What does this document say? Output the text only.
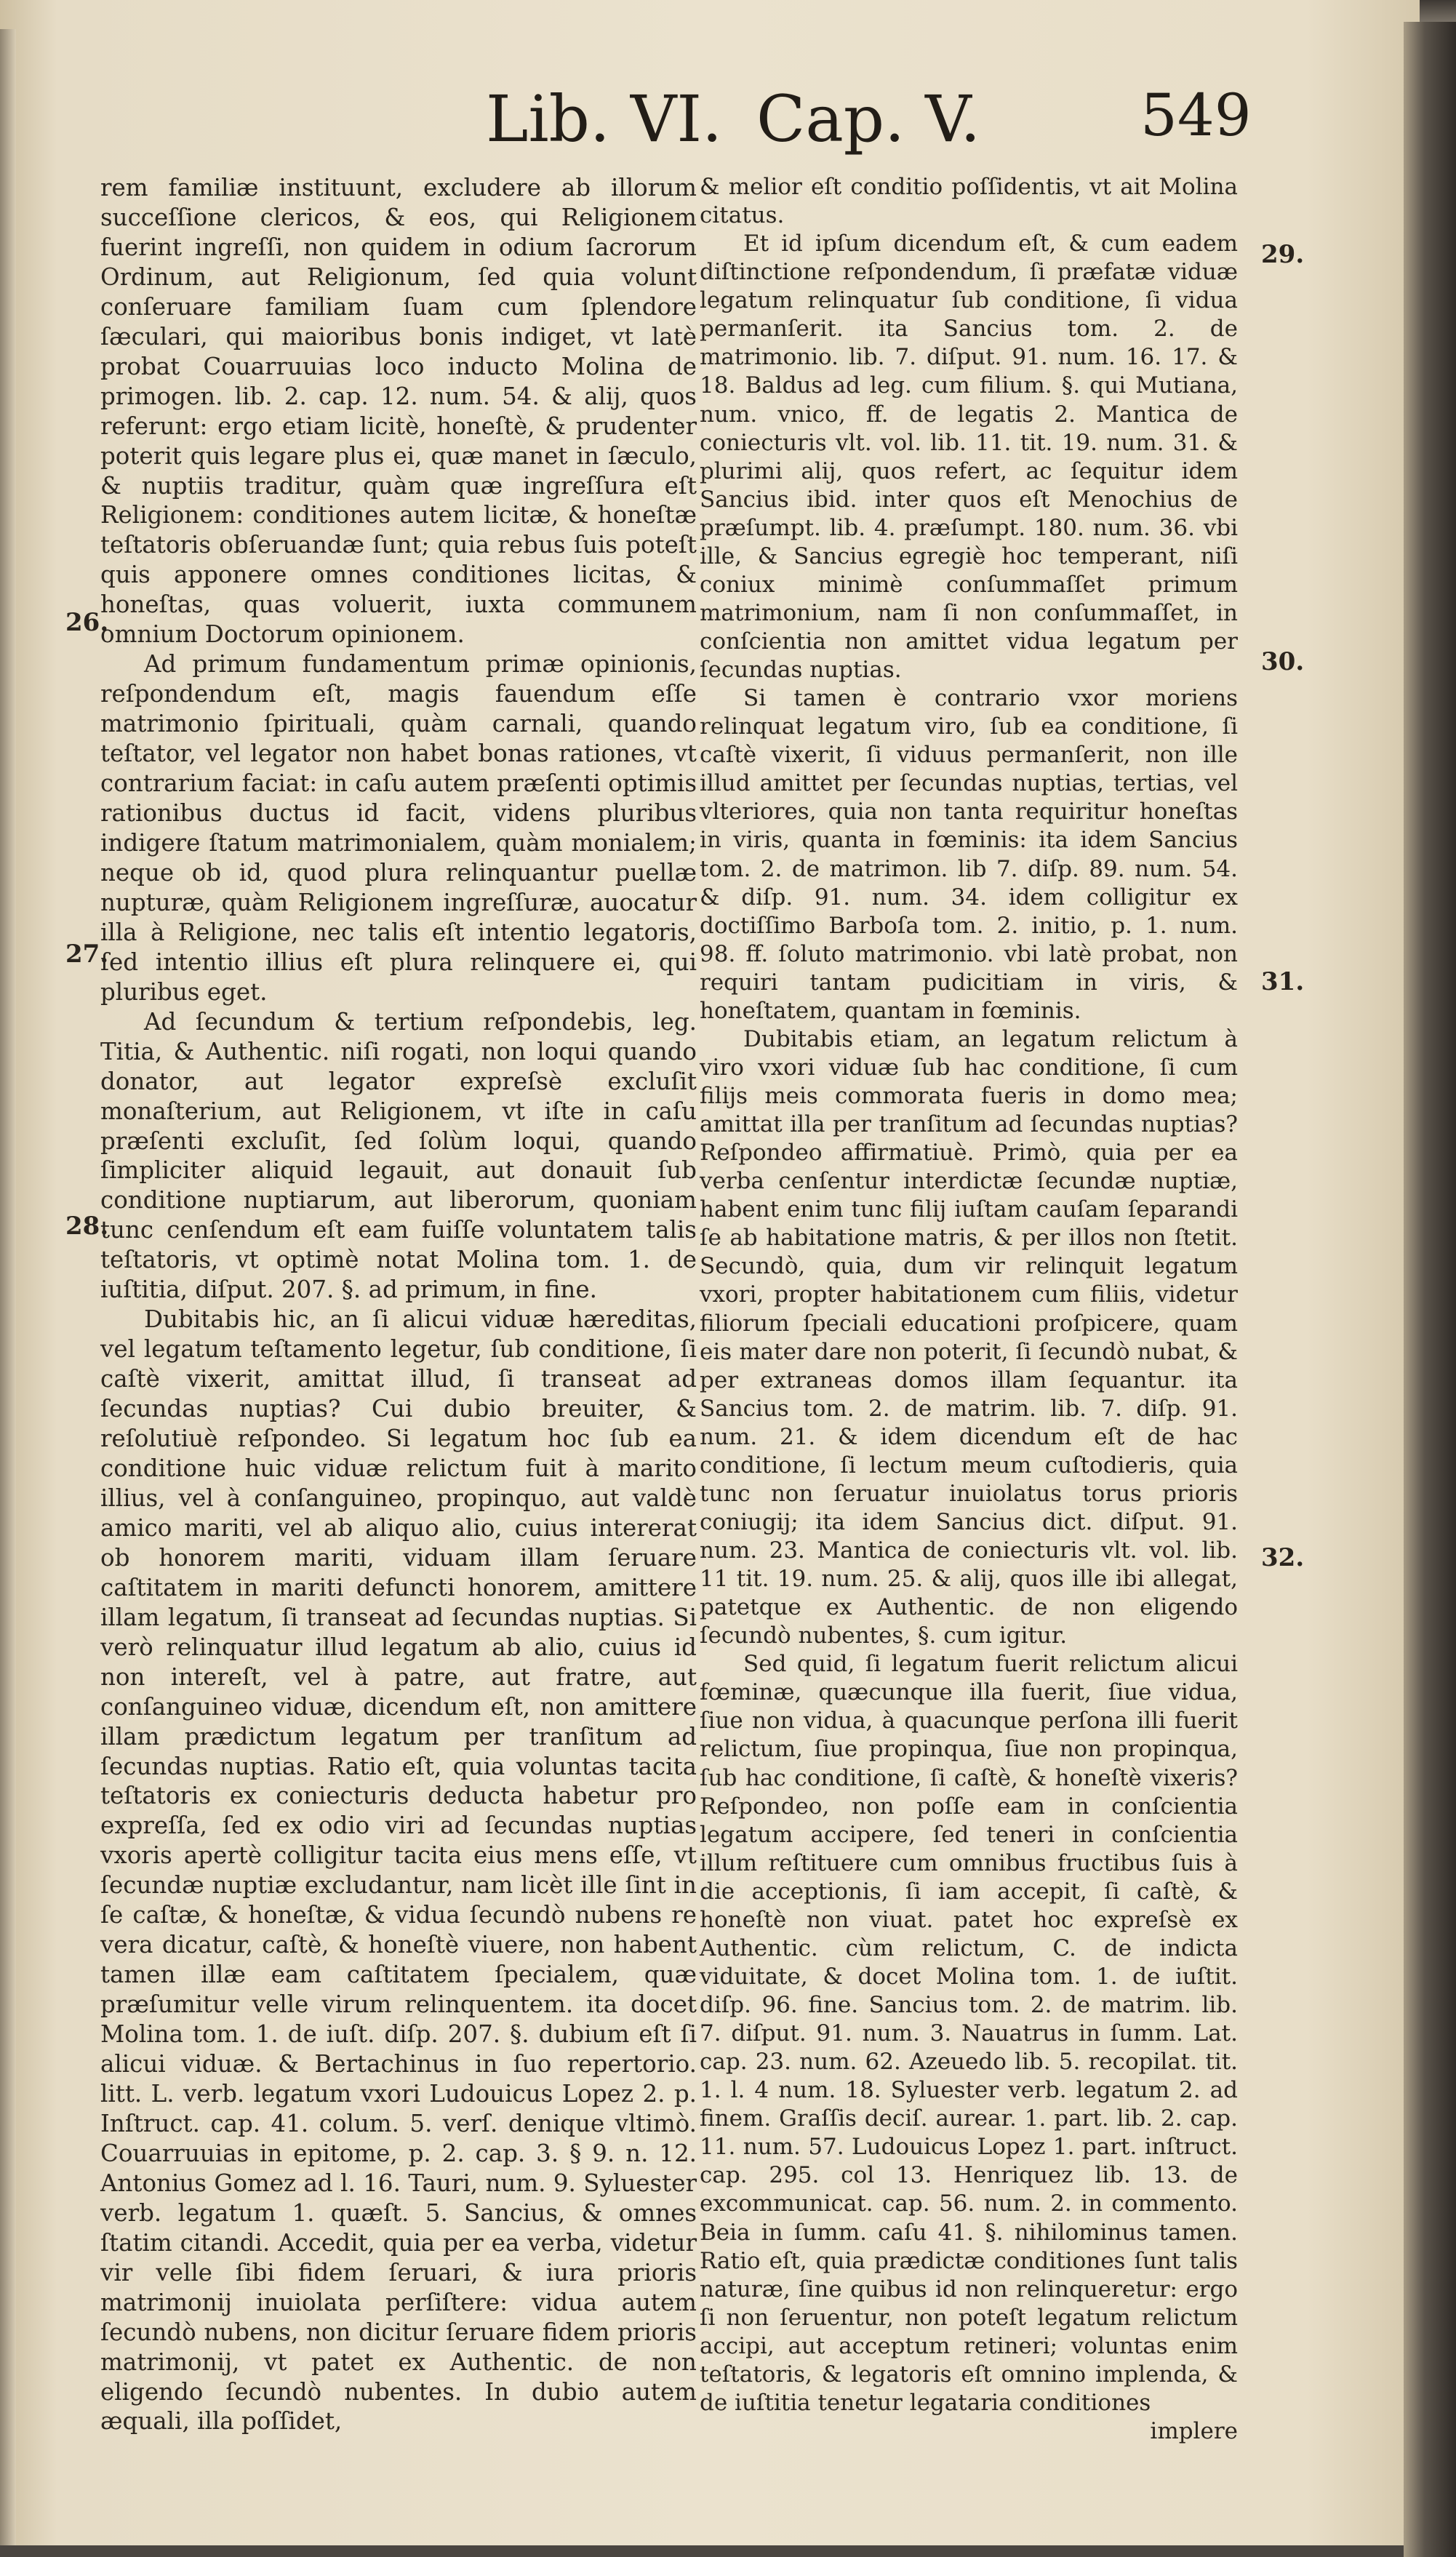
Lib. VI. Cap. V.	549
26.
27.
28.
29.
30.
31.
32.

rem familiæ instituunt, excludere ab illorum succeſſione clericos, & eos, qui Religionem fuerint ingreſſi, non quidem in odium ſacrorum Ordinum, aut Religionum, ſed quia volunt conſeruare familiam ſuam cum ſplendore ſæculari, qui maioribus bonis indiget, vt latè probat Couarruuias loco inducto Molina de primogen. lib. 2. cap. 12. num. 54. & alij, quos referunt: ergo etiam licitè, honeſtè, & prudenter poterit quis legare plus ei, quæ manet in ſæculo, & nuptiis traditur, quàm quæ ingreſſura eſt Religionem: conditiones autem licitæ, & honeſtæ teſtatoris obſeruandæ ſunt; quia rebus ſuis poteſt quis apponere omnes conditiones licitas, & honeſtas, quas voluerit, iuxta communem omnium Doctorum opinionem.

Ad primum fundamentum primæ opinionis, reſpondendum eſt, magis fauendum eſſe matrimonio ſpirituali, quàm carnali, quando teſtator, vel legator non habet bonas rationes, vt contrarium faciat: in caſu autem præſenti optimis rationibus ductus id facit, videns pluribus indigere ſtatum matrimonialem, quàm monialem; neque ob id, quod plura relinquantur puellæ nupturæ, quàm Religionem ingreſſuræ, auocatur illa à Religione, nec talis eſt intentio legatoris, ſed intentio illius eſt plura relinquere ei, qui pluribus eget.

Ad ſecundum & tertium reſpondebis, leg. Titia, & Authentic. niſi rogati, non loqui quando donator, aut legator expreſsè excluſit monaſterium, aut Religionem, vt iſte in caſu præſenti excluſit, ſed ſolùm loqui, quando ſimpliciter aliquid legauit, aut donauit ſub conditione nuptiarum, aut liberorum, quoniam tunc cenſendum eſt eam fuiſſe voluntatem talis teſtatoris, vt optimè notat Molina tom. 1. de iuſtitia, diſput. 207. §. ad primum, in fine.

Dubitabis hic, an ſi alicui viduæ hæreditas, vel legatum teſtamento legetur, ſub conditione, ſi caſtè vixerit, amittat illud, ſi transeat ad ſecundas nuptias? Cui dubio breuiter, & reſolutiuè reſpondeo. Si legatum hoc ſub ea conditione huic viduæ relictum fuit à marito illius, vel à conſanguineo, propinquo, aut valdè amico mariti, vel ab aliquo alio, cuius intererat ob honorem mariti, viduam illam ſeruare caſtitatem in mariti defuncti honorem, amittere illam legatum, ſi transeat ad ſecundas nuptias. Si verò relinquatur illud legatum ab alio, cuius id non intereſt, vel à patre, aut fratre, aut conſanguineo viduæ, dicendum eſt, non amittere illam prædictum legatum per tranſitum ad ſecundas nuptias. Ratio eſt, quia voluntas tacita teſtatoris ex coniecturis deducta habetur pro expreſſa, ſed ex odio viri ad ſecundas nuptias vxoris apertè colligitur tacita eius mens eſſe, vt ſecundæ nuptiæ excludantur, nam licèt ille ſint in ſe caſtæ, & honeſtæ, & vidua ſecundò nubens re vera dicatur, caſtè, & honeſtè viuere, non habent tamen illæ eam caſtitatem ſpecialem, quæ præſumitur velle virum relinquentem. ita docet Molina tom. 1. de iuſt. diſp. 207. §. dubium eſt ſi alicui viduæ. & Bertachinus in ſuo repertorio. litt. L. verb. legatum vxori Ludouicus Lopez 2. p. Inſtruct. cap. 41. colum. 5. verſ. denique vltimò. Couarruuias in epitome, p. 2. cap. 3. § 9. n. 12. Antonius Gomez ad l. 16. Tauri, num. 9. Syluester verb. legatum 1. quæſt. 5. Sancius, & omnes ſtatim citandi. Accedit, quia per ea verba, videtur vir velle ſibi fidem ſeruari, & iura prioris matrimonij inuiolata perſiſtere: vidua autem ſecundò nubens, non dicitur ſeruare fidem prioris matrimonij, vt patet ex Authentic. de non eligendo ſecundò nubentes. In dubio autem æquali, illa poſſidet,

& melior eſt conditio poſſidentis, vt ait Molina citatus.

Et id ipſum dicendum eſt, & cum eadem diſtinctione reſpondendum, ſi præfatæ viduæ legatum relinquatur ſub conditione, ſi vidua permanſerit. ita Sancius tom. 2. de matrimonio. lib. 7. diſput. 91. num. 16. 17. & 18. Baldus ad leg. cum filium. §. qui Mutiana, num. vnico, ff. de legatis 2. Mantica de coniecturis vlt. vol. lib. 11. tit. 19. num. 31. & plurimi alij, quos refert, ac ſequitur idem Sancius ibid. inter quos eſt Menochius de præſumpt. lib. 4. præſumpt. 180. num. 36. vbi ille, & Sancius egregiè hoc temperant, niſi coniux minimè conſummaſſet primum matrimonium, nam ſi non conſummaſſet, in conſcientia non amittet vidua legatum per ſecundas nuptias.

Si tamen è contrario vxor moriens relinquat legatum viro, ſub ea conditione, ſi caſtè vixerit, ſi viduus permanſerit, non ille illud amittet per ſecundas nuptias, tertias, vel vlteriores, quia non tanta requiritur honeſtas in viris, quanta in fœminis: ita idem Sancius tom. 2. de matrimon. lib 7. diſp. 89. num. 54. & diſp. 91. num. 34. idem colligitur ex doctiſſimo Barboſa tom. 2. initio, p. 1. num. 98. ff. ſoluto matrimonio. vbi latè probat, non requiri tantam pudicitiam in viris, & honeſtatem, quantam in fœminis.

Dubitabis etiam, an legatum relictum à viro vxori viduæ ſub hac conditione, ſi cum filijs meis commorata fueris in domo mea; amittat illa per tranſitum ad ſecundas nuptias? Reſpondeo affirmatiuè. Primò, quia per ea verba cenſentur interdictæ ſecundæ nuptiæ, habent enim tunc filij iuſtam cauſam ſeparandi ſe ab habitatione matris, & per illos non ſtetit. Secundò, quia, dum vir relinquit legatum vxori, propter habitationem cum filiis, videtur filiorum ſpeciali educationi proſpicere, quam eis mater dare non poterit, ſi ſecundò nubat, & per extraneas domos illam ſequantur. ita Sancius tom. 2. de matrim. lib. 7. diſp. 91. num. 21. & idem dicendum eſt de hac conditione, ſi lectum meum cuſtodieris, quia tunc non ſeruatur inuiolatus torus prioris coniugij; ita idem Sancius dict. diſput. 91. num. 23. Mantica de coniecturis vlt. vol. lib. 11 tit. 19. num. 25. & alij, quos ille ibi allegat, patetque ex Authentic. de non eligendo ſecundò nubentes, §. cum igitur.

Sed quid, ſi legatum fuerit relictum alicui fœminæ, quæcunque illa fuerit, ſiue vidua, ſiue non vidua, à quacunque perſona illi fuerit relictum, ſiue propinqua, ſiue non propinqua, ſub hac conditione, ſi caſtè, & honeſtè vixeris? Reſpondeo, non poſſe eam in conſcientia legatum accipere, ſed teneri in conſcientia illum reſtituere cum omnibus fructibus ſuis à die acceptionis, ſi iam accepit, ſi caſtè, & honeſtè non viuat. patet hoc expreſsè ex Authentic. cùm relictum, C. de indicta viduitate, & docet Molina tom. 1. de iuſtit. diſp. 96. fine. Sancius tom. 2. de matrim. lib. 7. diſput. 91. num. 3. Nauatrus in ſumm. Lat. cap. 23. num. 62. Azeuedo lib. 5. recopilat. tit. 1. l. 4 num. 18. Syluester verb. legatum 2. ad finem. Graſſis deciſ. aurear. 1. part. lib. 2. cap. 11. num. 57. Ludouicus Lopez 1. part. inſtruct. cap. 295. col 13. Henriquez lib. 13. de excommunicat. cap. 56. num. 2. in commento. Beia in ſumm. caſu 41. §. nihilominus tamen. Ratio eſt, quia prædictæ conditiones ſunt talis naturæ, ſine quibus id non relinqueretur: ergo ſi non ſeruentur, non poteſt legatum relictum accipi, aut acceptum retineri; voluntas enim teſtatoris, & legatoris eſt omnino implenda, & de iuſtitia tenetur legataria conditiones

implere
